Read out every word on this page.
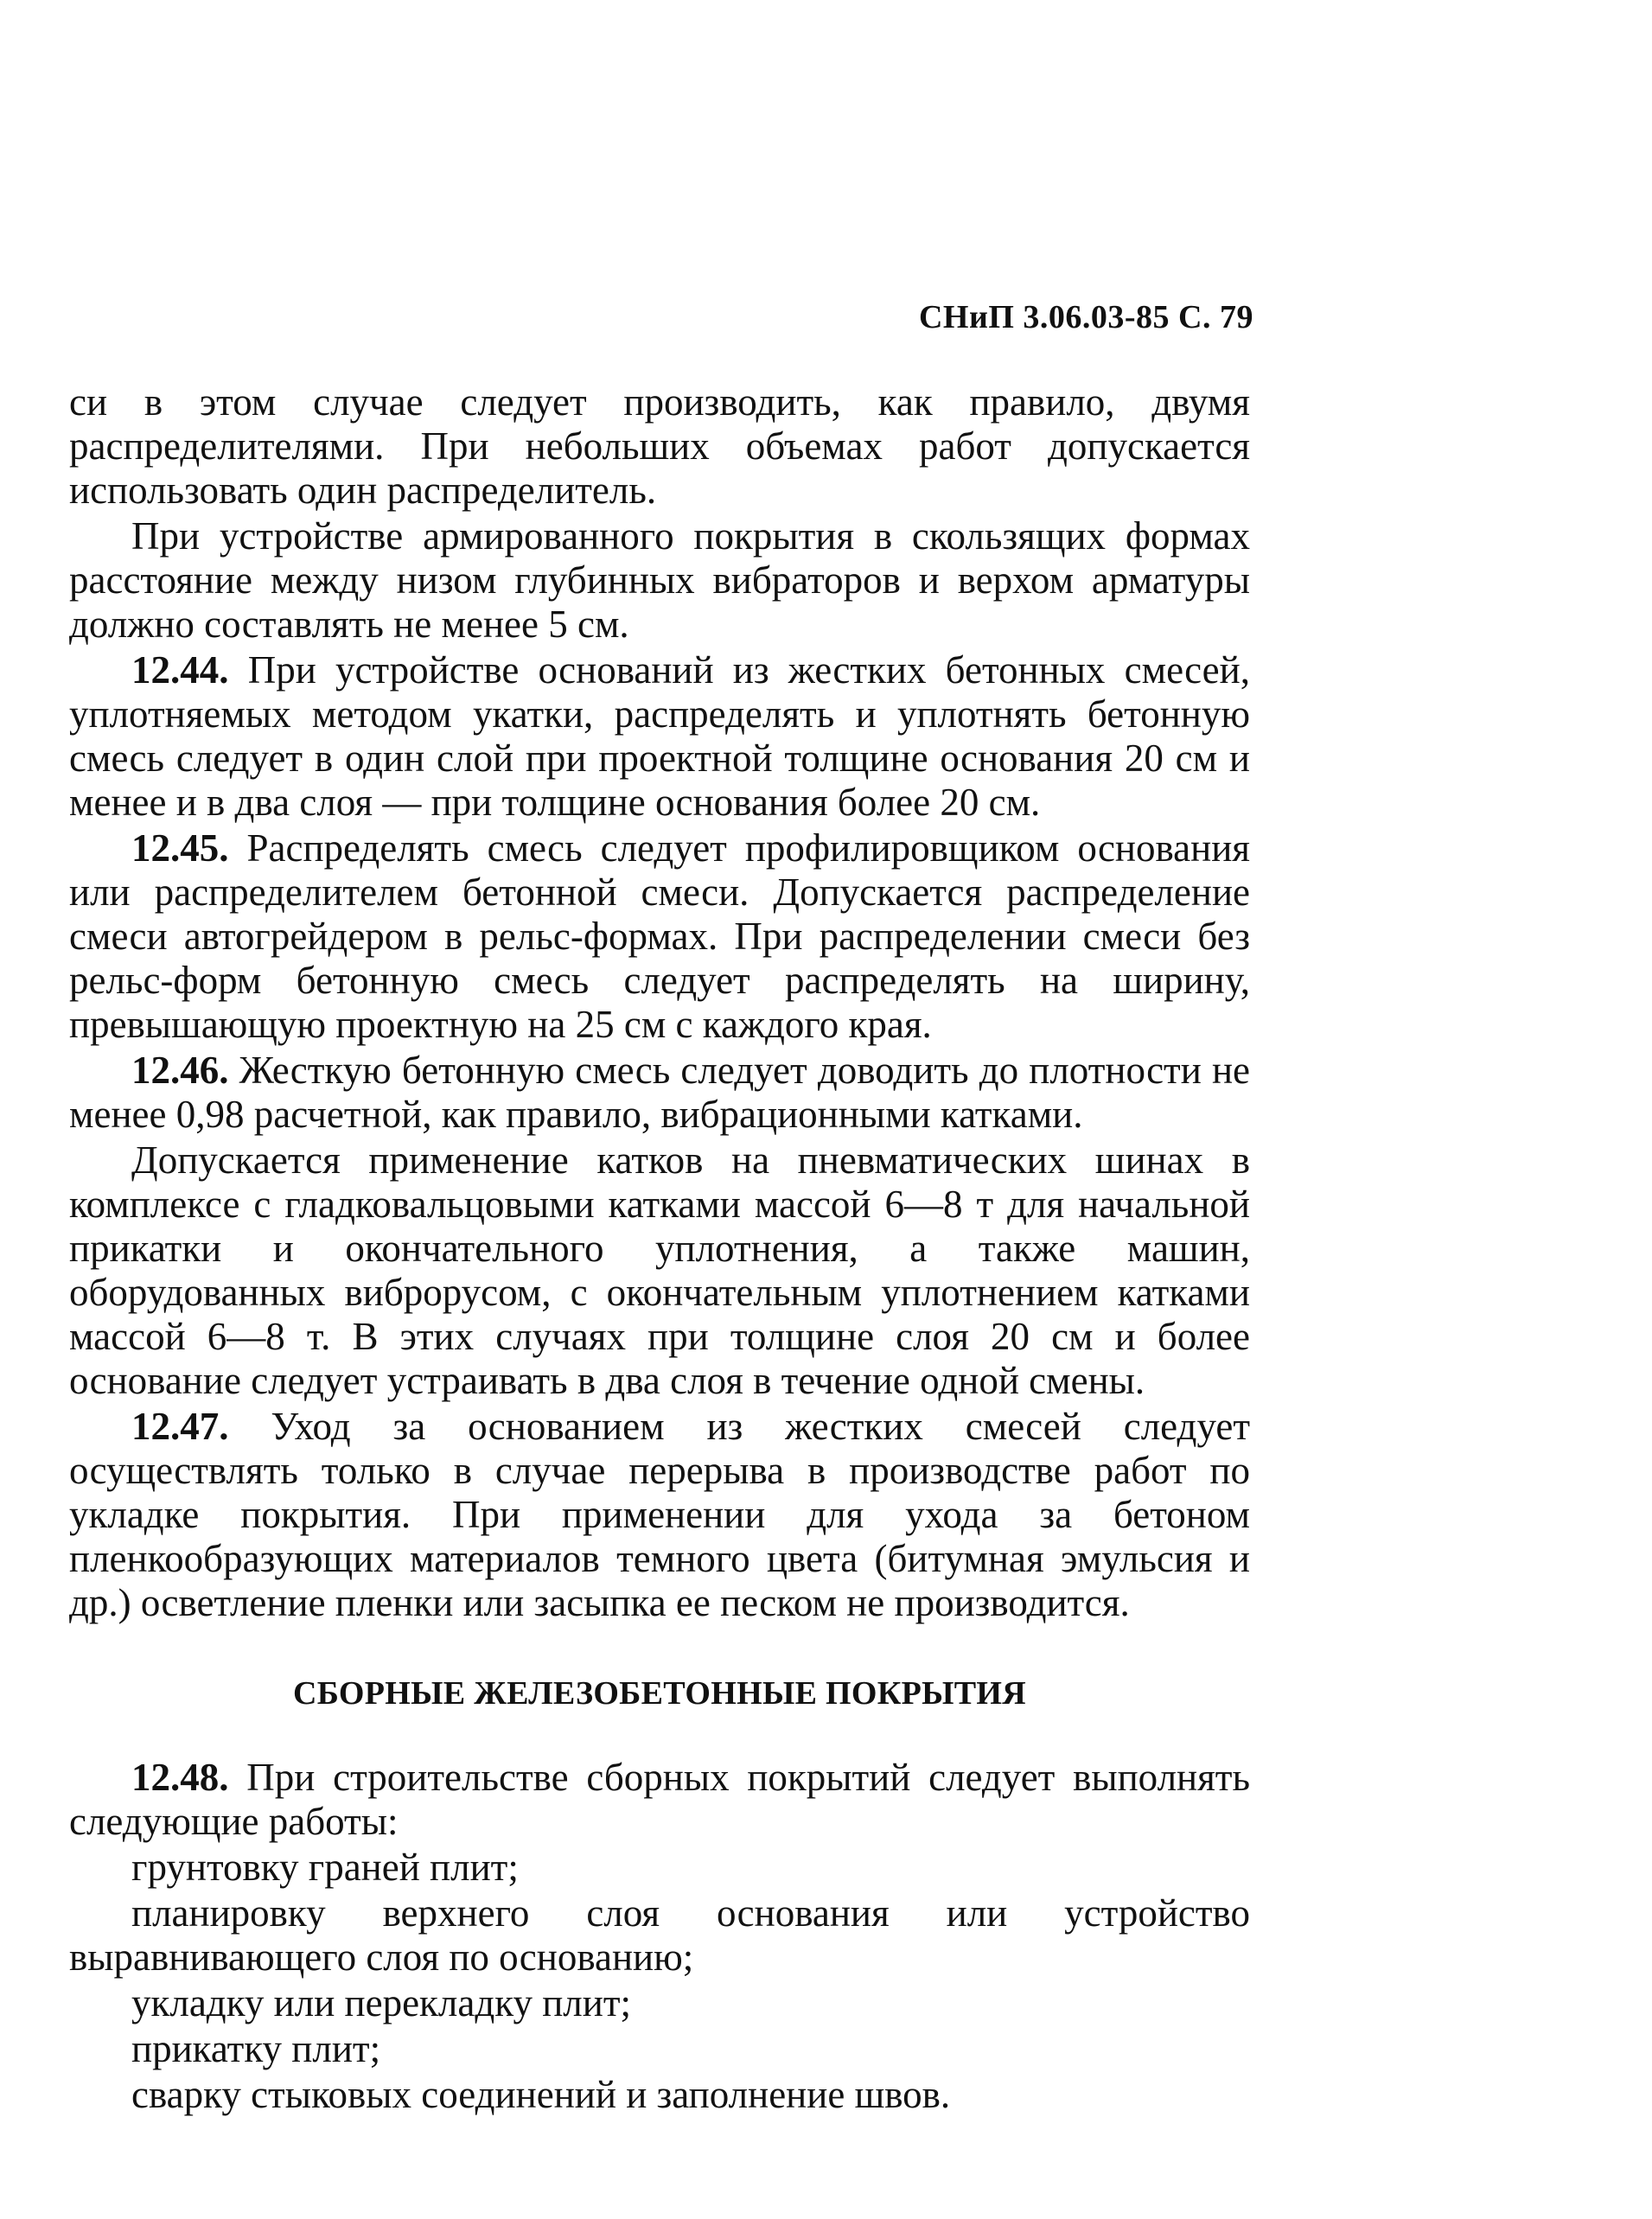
СНиП 3.06.03-85 С. 79

си в этом случае следует производить, как правило, двумя распределителями. При небольших объемах работ допускается использовать один распределитель.

При устройстве армированного покрытия в скользящих формах расстояние между низом глубинных вибраторов и верхом арматуры должно составлять не менее 5 см.

12.44. При устройстве оснований из жестких бетонных смесей, уплотняемых методом укатки, распределять и уплотнять бетонную смесь следует в один слой при проектной толщине основания 20 см и менее и в два слоя — при толщине основания более 20 см.

12.45. Распределять смесь следует профилировщиком основания или распределителем бетонной смеси. Допускается распределение смеси автогрейдером в рельс-формах. При распределении смеси без рельс-форм бетонную смесь следует распределять на ширину, превышающую проектную на 25 см с каждого края.

12.46. Жесткую бетонную смесь следует доводить до плотности не менее 0,98 расчетной, как правило, вибрационными катками.

Допускается применение катков на пневматических шинах в комплексе с гладковальцовыми катками массой 6—8 т для начальной прикатки и окончательного уплотнения, а также машин, оборудованных виброрусом, с окончательным уплотнением катками массой 6—8 т. В этих случаях при толщине слоя 20 см и более основание следует устраивать в два слоя в течение одной смены.

12.47. Уход за основанием из жестких смесей следует осуществлять только в случае перерыва в производстве работ по укладке покрытия. При применении для ухода за бетоном пленкообразующих материалов темного цвета (битумная эмульсия и др.) осветление пленки или засыпка ее песком не производится.

СБОРНЫЕ ЖЕЛЕЗОБЕТОННЫЕ ПОКРЫТИЯ

12.48. При строительстве сборных покрытий следует выполнять следующие работы:

грунтовку граней плит;

планировку верхнего слоя основания или устройство выравнивающего слоя по основанию;

укладку или перекладку плит;

прикатку плит;

сварку стыковых соединений и заполнение швов.
